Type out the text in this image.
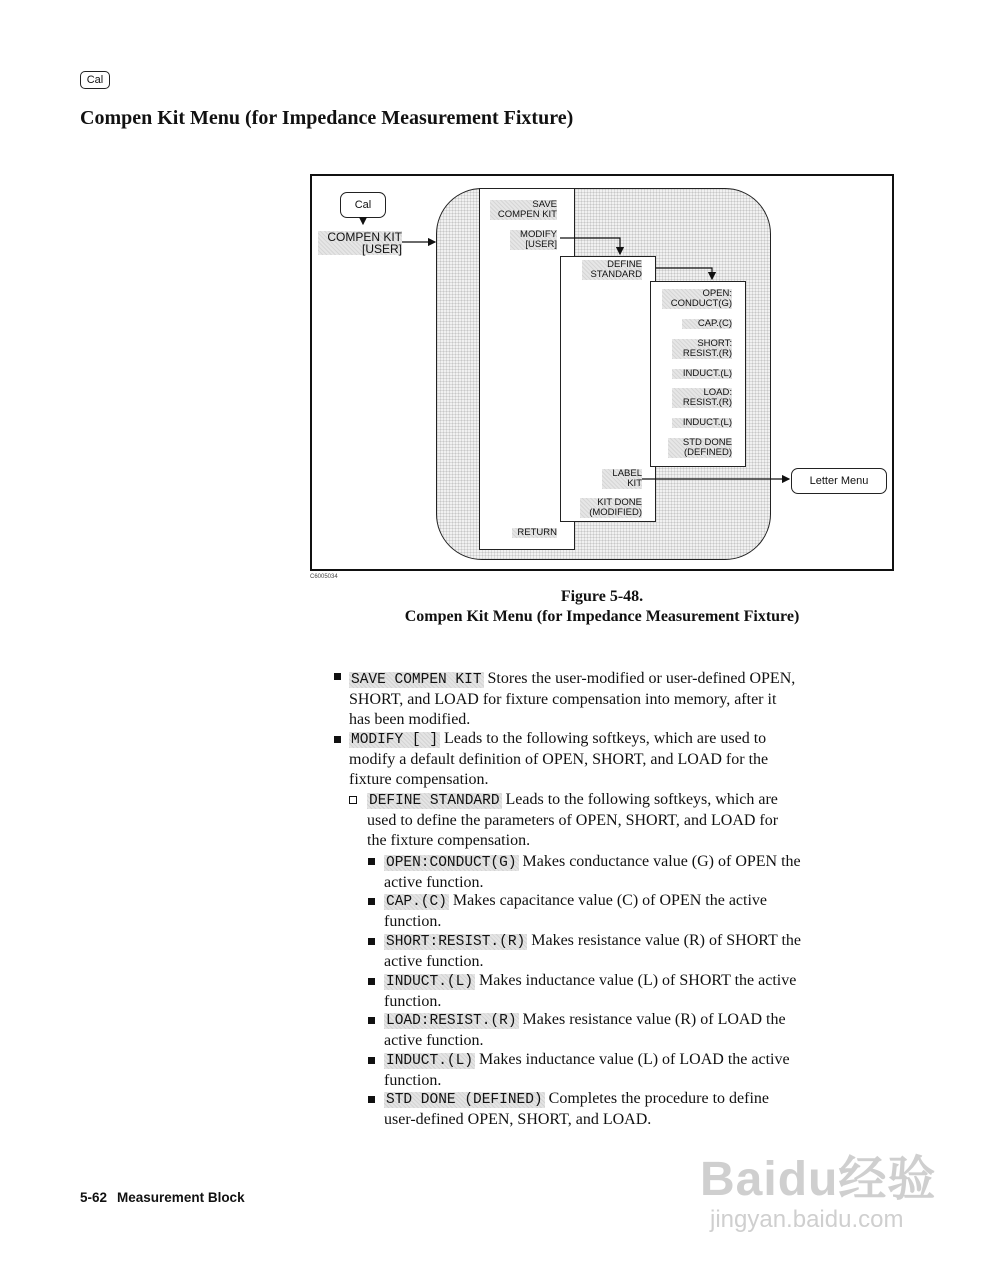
Cal
Compen Kit Menu (for Impedance Measurement Fixture)
Cal
COMPEN KIT
[USER]
SAVE
COMPEN KIT
MODIFY
[USER]
RETURN
DEFINE
STANDARD
LABEL
KIT
KIT DONE
(MODIFIED)
OPEN:
CONDUCT(G)
CAP.(C)
SHORT:
RESIST.(R)
INDUCT.(L)
LOAD:
RESIST.(R)
INDUCT.(L)
STD DONE
(DEFINED)
Letter Menu
C6005034
Figure 5-48.
Compen Kit Menu (for Impedance Measurement Fixture)
SAVE COMPEN KIT Stores the user-modified or user-defined OPEN,
SHORT, and LOAD for fixture compensation into memory, after it
has been modified.
MODIFY [ ] Leads to the following softkeys, which are used to
modify a default definition of OPEN, SHORT, and LOAD for the
fixture compensation.
DEFINE STANDARD Leads to the following softkeys, which are
used to define the parameters of OPEN, SHORT, and LOAD for
the fixture compensation.
OPEN:CONDUCT(G) Makes conductance value (G) of OPEN the
active function.
CAP.(C) Makes capacitance value (C) of OPEN the active
function.
SHORT:RESIST.(R) Makes resistance value (R) of SHORT the
active function.
INDUCT.(L) Makes inductance value (L) of SHORT the active
function.
LOAD:RESIST.(R) Makes resistance value (R) of LOAD the
active function.
INDUCT.(L) Makes inductance value (L) of LOAD the active
function.
STD DONE (DEFINED) Completes the procedure to define
user-defined OPEN, SHORT, and LOAD.
5-62 Measurement Block	Baidu经验
jingyan.baidu.com
